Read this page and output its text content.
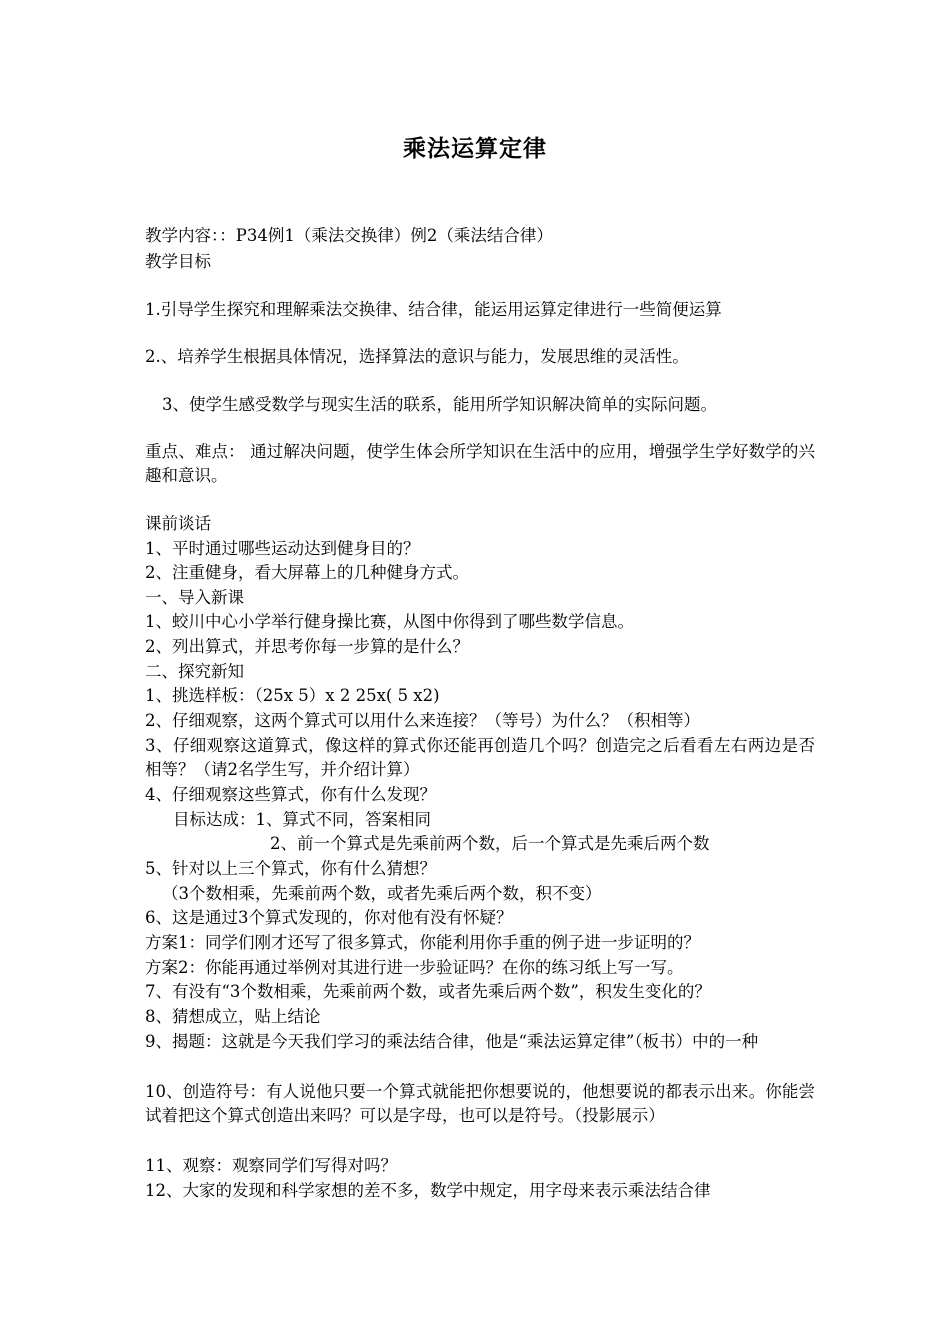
乘法运算定律
教学内容：：P34例1（乘法交换律）例2（乘法结合律）
教学目标
1.引导学生探究和理解乘法交换律、结合律，能运用运算定律进行一些简便运算
2.、培养学生根据具体情况，选择算法的意识与能力，发展思维的灵活性。
3、使学生感受数学与现实生活的联系，能用所学知识解决简单的实际问题。
重点、难点： 通过解决问题，使学生体会所学知识在生活中的应用，增强学生学好数学的兴趣和意识。
课前谈话
1、平时通过哪些运动达到健身目的？
2、注重健身，看大屏幕上的几种健身方式。
一、导入新课
1、蛟川中心小学举行健身操比赛，从图中你得到了哪些数学信息。
2、列出算式，并思考你每一步算的是什么？
二、探究新知
1、挑选样板：（25x 5）x 2 25x( 5 x2)
2、仔细观察，这两个算式可以用什么来连接？（等号）为什么？（积相等）
3、仔细观察这道算式，像这样的算式你还能再创造几个吗？创造完之后看看左右两边是否相等？（请2名学生写，并介绍计算）
4、仔细观察这些算式，你有什么发现？
目标达成：1、算式不同，答案相同
2、前一个算式是先乘前两个数，后一个算式是先乘后两个数
5、针对以上三个算式，你有什么猜想？
（3个数相乘，先乘前两个数，或者先乘后两个数，积不变）
6、这是通过3个算式发现的，你对他有没有怀疑？
方案1：同学们刚才还写了很多算式，你能利用你手重的例子进一步证明的？
方案2：你能再通过举例对其进行进一步验证吗？在你的练习纸上写一写。
7、有没有“3个数相乘，先乘前两个数，或者先乘后两个数”，积发生变化的？
8、猜想成立，贴上结论
9、揭题：这就是今天我们学习的乘法结合律，他是“乘法运算定律”（板书）中的一种
10、创造符号：有人说他只要一个算式就能把你想要说的，他想要说的都表示出来。你能尝试着把这个算式创造出来吗？可以是字母，也可以是符号。（投影展示）
11、观察：观察同学们写得对吗？
12、大家的发现和科学家想的差不多，数学中规定，用字母来表示乘法结合律
